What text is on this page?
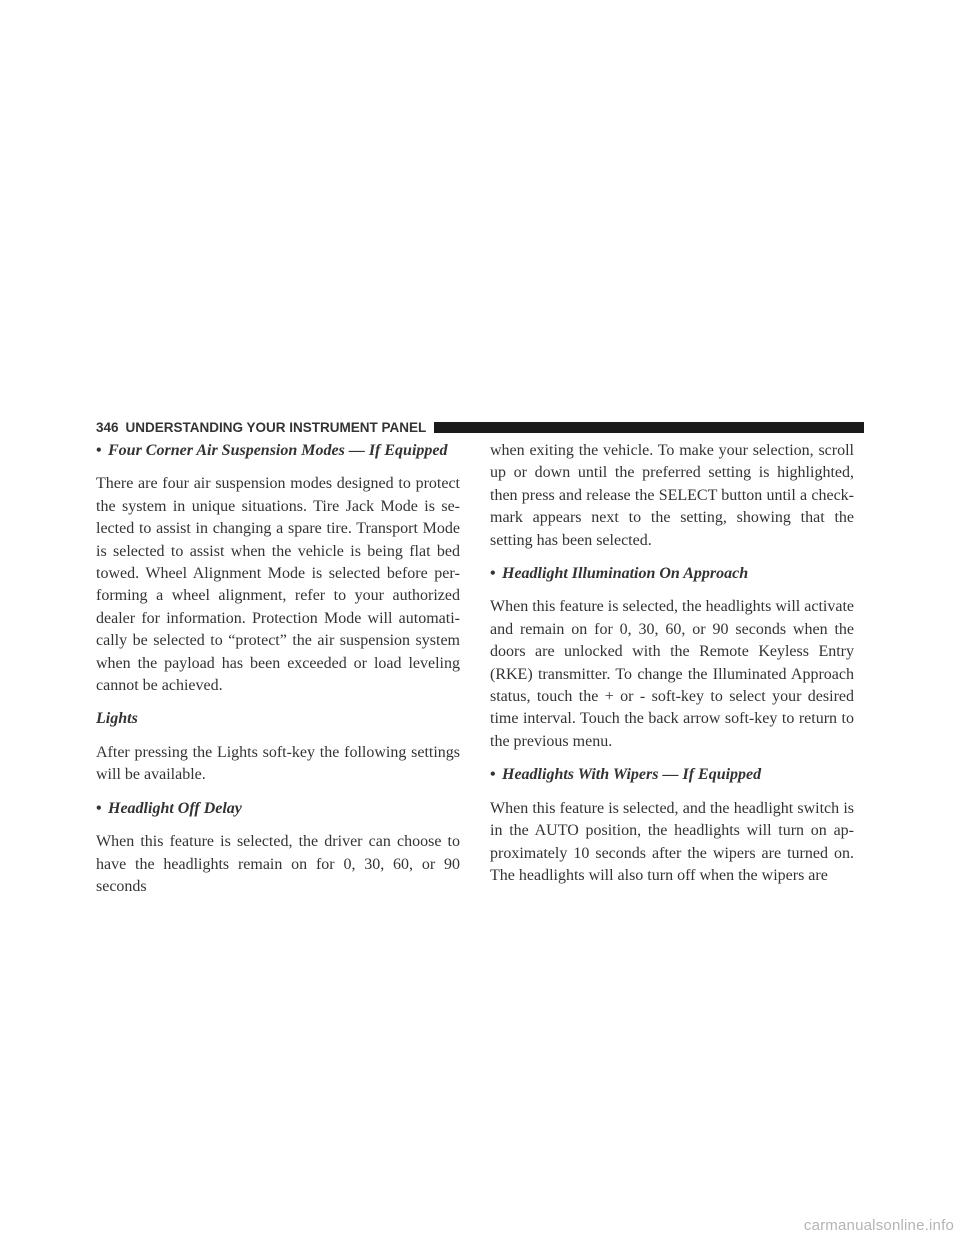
346 UNDERSTANDING YOUR INSTRUMENT PANEL
• Four Corner Air Suspension Modes — If Equipped

There are four air suspension modes designed to protect the system in unique situations. Tire Jack Mode is selected to assist in changing a spare tire. Transport Mode is selected to assist when the vehicle is being flat bed towed. Wheel Alignment Mode is selected before performing a wheel alignment, refer to your authorized dealer for information. Protection Mode will automatically be selected to “protect” the air suspension system when the payload has been exceeded or load leveling cannot be achieved.

Lights

After pressing the Lights soft-key the following settings will be available.

• Headlight Off Delay

When this feature is selected, the driver can choose to have the headlights remain on for 0, 30, 60, or 90 seconds

when exiting the vehicle. To make your selection, scroll up or down until the preferred setting is highlighted, then press and release the SELECT button until a checkmark appears next to the setting, showing that the setting has been selected.

• Headlight Illumination On Approach

When this feature is selected, the headlights will activate and remain on for 0, 30, 60, or 90 seconds when the doors are unlocked with the Remote Keyless Entry (RKE) transmitter. To change the Illuminated Approach status, touch the + or - soft-key to select your desired time interval. Touch the back arrow soft-key to return to the previous menu.

• Headlights With Wipers — If Equipped

When this feature is selected, and the headlight switch is in the AUTO position, the headlights will turn on approximately 10 seconds after the wipers are turned on. The headlights will also turn off when the wipers are

carmanualsonline.info
